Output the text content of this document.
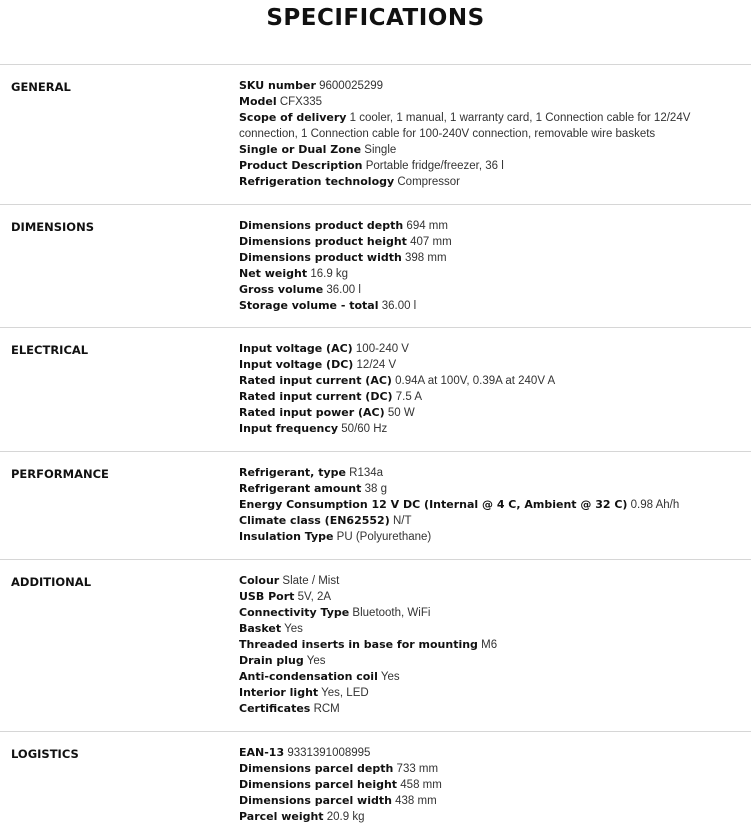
SPECIFICATIONS
GENERAL	SKU number 9600025299
Model CFX335
Scope of delivery 1 cooler, 1 manual, 1 warranty card, 1 Connection cable for 12/24V connection, 1 Connection cable for 100-240V connection, removable wire baskets
Single or Dual Zone Single
Product Description Portable fridge/freezer, 36 l
Refrigeration technology Compressor
DIMENSIONS	Dimensions product depth 694 mm
Dimensions product height 407 mm
Dimensions product width 398 mm
Net weight 16.9 kg
Gross volume 36.00 l
Storage volume - total 36.00 l
ELECTRICAL	Input voltage (AC) 100-240 V
Input voltage (DC) 12/24 V
Rated input current (AC) 0.94A at 100V, 0.39A at 240V A
Rated input current (DC) 7.5 A
Rated input power (AC) 50 W
Input frequency 50/60 Hz
PERFORMANCE	Refrigerant, type R134a
Refrigerant amount 38 g
Energy Consumption 12 V DC (Internal @ 4 C, Ambient @ 32 C) 0.98 Ah/h
Climate class (EN62552) N/T
Insulation Type PU (Polyurethane)
ADDITIONAL	Colour Slate / Mist
USB Port 5V, 2A
Connectivity Type Bluetooth, WiFi
Basket Yes
Threaded inserts in base for mounting M6
Drain plug Yes
Anti-condensation coil Yes
Interior light Yes, LED
Certificates RCM
LOGISTICS	EAN-13 9331391008995
Dimensions parcel depth 733 mm
Dimensions parcel height 458 mm
Dimensions parcel width 438 mm
Parcel weight 20.9 kg
